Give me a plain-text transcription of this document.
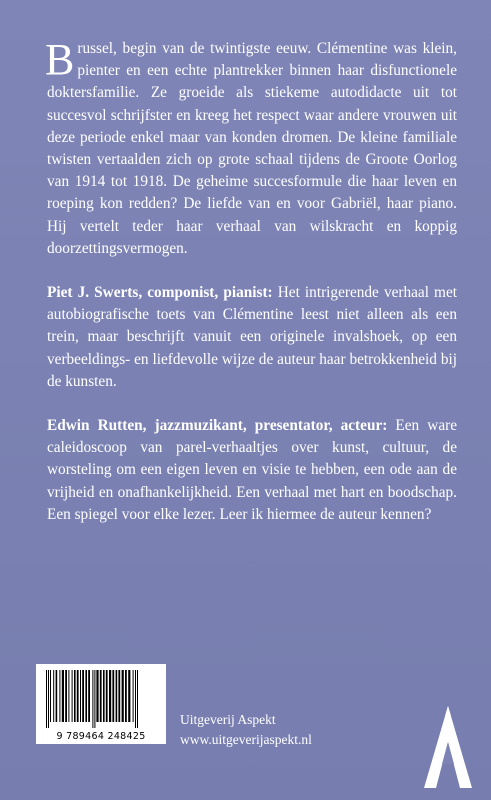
Brussel, begin van de twintigste eeuw. Clémentine was klein, pienter en een echte plantrekker binnen haar disfunctionele doktersfamilie. Ze groeide als stiekeme autodidacte uit tot succesvol schrijfster en kreeg het respect waar andere vrouwen uit deze periode enkel maar van konden dromen. De kleine familiale twisten vertaalden zich op grote schaal tijdens de Groote Oorlog van 1914 tot 1918. De geheime succesformule die haar leven en roeping kon redden? De liefde van en voor Gabriël, haar piano. Hij vertelt teder haar verhaal van wilskracht en koppig doorzettingsvermogen.

Piet J. Swerts, componist, pianist: Het intrigerende verhaal met autobiografische toets van Clémentine leest niet alleen als een trein, maar beschrijft vanuit een originele invalshoek, op een verbeeldings- en liefdevolle wijze de auteur haar betrokkenheid bij de kunsten.

Edwin Rutten, jazzmuzikant, presentator, acteur: Een ware caleidoscoop van parel-verhaaltjes over kunst, cultuur, de worsteling om een eigen leven en visie te hebben, een ode aan de vrijheid en onafhankelijkheid. Een verhaal met hart en boodschap. Een spiegel voor elke lezer. Leer ik hiermee de auteur kennen?

9 789464 248425
Uitgeverij Aspekt
www.uitgeverijaspekt.nl
